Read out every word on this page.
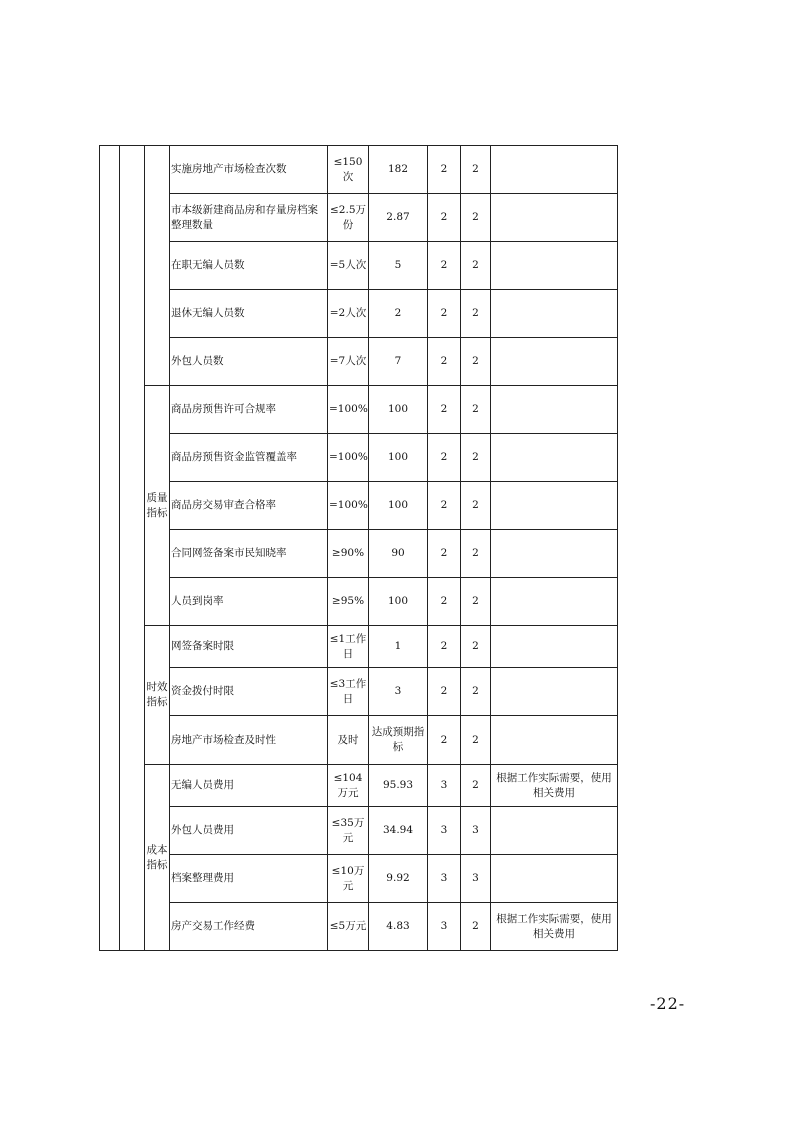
			实施房地产市场检查次数	≤150次	182	2	2	
			市本级新建商品房和存量房档案整理数量	≤2.5万份	2.87	2	2	
			在职无编人员数	=5人次	5	2	2	
			退休无编人员数	=2人次	2	2	2	
			外包人员数	=7人次	7	2	2	
		质量指标	商品房预售许可合规率	=100%	100	2	2	
			商品房预售资金监管覆盖率	=100%	100	2	2	
			商品房交易审查合格率	=100%	100	2	2	
			合同网签备案市民知晓率	≥90%	90	2	2	
			人员到岗率	≥95%	100	2	2	
		时效指标	网签备案时限	≤1工作日	1	2	2	
			资金拨付时限	≤3工作日	3	2	2	
			房地产市场检查及时性	及时	达成预期指标	2	2	
		成本指标	无编人员费用	≤104万元	95.93	3	2	根据工作实际需要，使用相关费用
			外包人员费用	≤35万元	34.94	3	3	
			档案整理费用	≤10万元	9.92	3	3	
			房产交易工作经费	≤5万元	4.83	3	2	根据工作实际需要，使用相关费用
-22-
